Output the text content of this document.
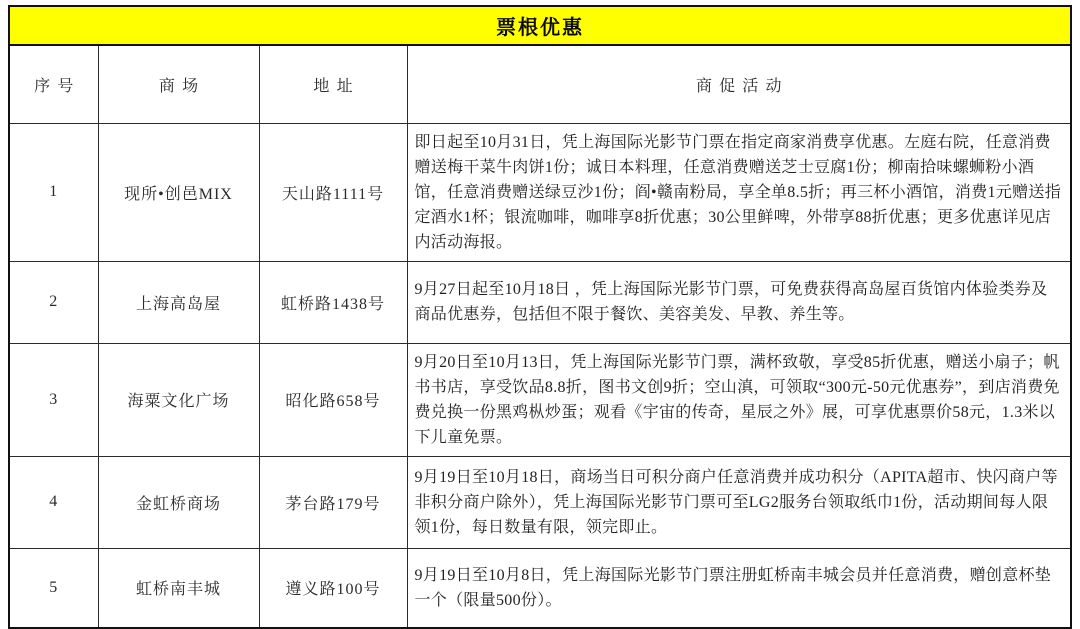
票根优惠
序号	商场	地址	商促活动
1	现所•创邑MIX	天山路1111号	即日起至10月31日，凭上海国际光影节门票在指定商家消费享优惠。左庭右院，任意消费赠送梅干菜牛肉饼1份；诚日本料理，任意消费赠送芝士豆腐1份；柳南拾味螺蛳粉小酒馆，任意消费赠送绿豆沙1份；阎•赣南粉局，享全单8.5折；再三杯小酒馆，消费1元赠送指定酒水1杯；银流咖啡，咖啡享8折优惠；30公里鲜啤，外带享88折优惠；更多优惠详见店内活动海报。
2	上海高岛屋	虹桥路1438号	9月27日起至10月18日 ，凭上海国际光影节门票，可免费获得高岛屋百货馆内体验类券及商品优惠券，包括但不限于餐饮、美容美发、早教、养生等。
3	海粟文化广场	昭化路658号	9月20日至10月13日，凭上海国际光影节门票，满杯致敬，享受85折优惠，赠送小扇子；帆书书店，享受饮品8.8折，图书文创9折；空山滇，可领取“300元-50元优惠券”，到店消费免费兑换一份黑鸡枞炒蛋；观看《宇宙的传奇，星辰之外》展，可享优惠票价58元，1.3米以下儿童免票。
4	金虹桥商场	茅台路179号	9月19日至10月18日，商场当日可积分商户任意消费并成功积分（APITA超市、快闪商户等非积分商户除外），凭上海国际光影节门票可至LG2服务台领取纸巾1份，活动期间每人限领1份，每日数量有限，领完即止。
5	虹桥南丰城	遵义路100号	9月19日至10月8日，凭上海国际光影节门票注册虹桥南丰城会员并任意消费，赠创意杯垫一个（限量500份）。
